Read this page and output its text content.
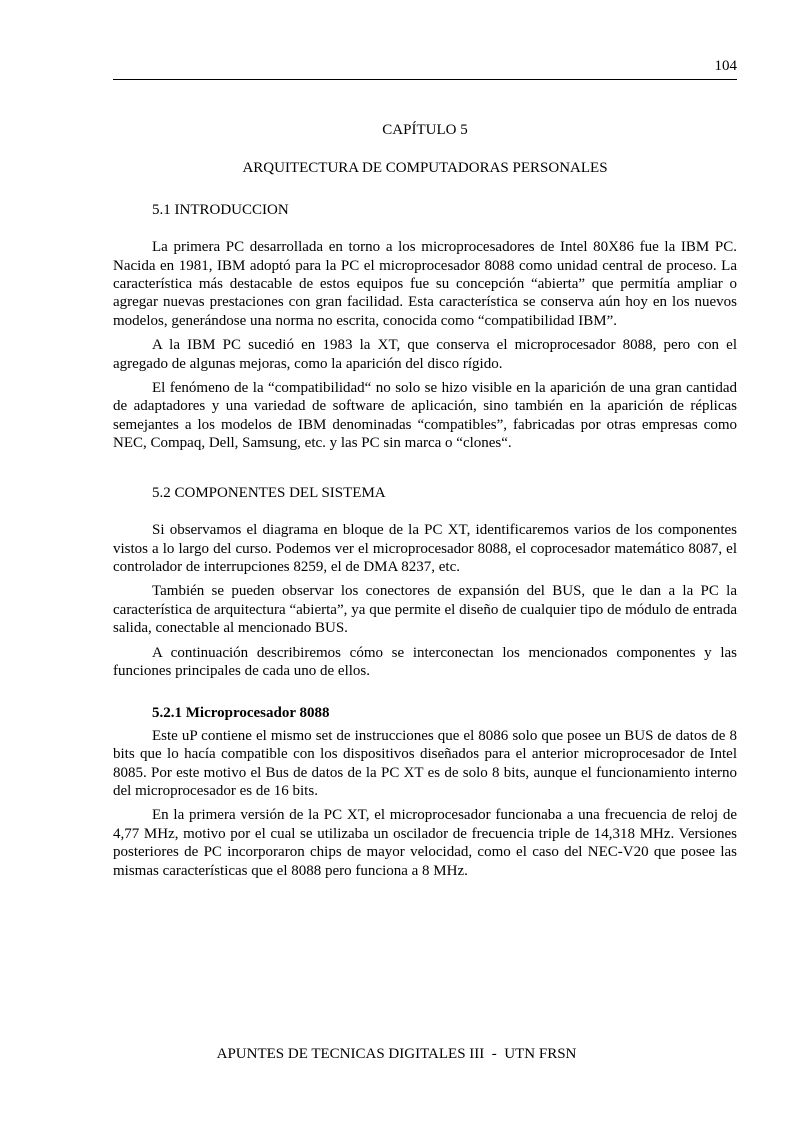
104

CAPÍTULO 5

ARQUITECTURA DE COMPUTADORAS PERSONALES

5.1 INTRODUCCION

La primera PC desarrollada en torno a los microprocesadores de Intel 80X86 fue la IBM PC. Nacida en 1981, IBM adoptó para la PC el microprocesador 8088 como unidad central de proceso. La característica más destacable de estos equipos fue su concepción “abierta” que permitía ampliar o agregar nuevas prestaciones con gran facilidad. Esta característica se conserva aún hoy en los nuevos modelos, generándose una norma no escrita, conocida como “compatibilidad IBM”.

A la IBM PC sucedió en 1983 la XT, que conserva el microprocesador 8088, pero con el agregado de algunas mejoras, como la aparición del disco rígido.

El fenómeno de la “compatibilidad“ no solo se hizo visible en la aparición de una gran cantidad de adaptadores y una variedad de software de aplicación, sino también en la aparición de réplicas semejantes a los modelos de IBM denominadas “compatibles”, fabricadas por otras empresas como NEC, Compaq, Dell, Samsung, etc. y las PC sin marca o “clones“.

5.2 COMPONENTES DEL SISTEMA

Si observamos el diagrama en bloque de la PC XT, identificaremos varios de los componentes vistos a lo largo del curso. Podemos ver el microprocesador 8088, el coprocesador matemático 8087, el controlador de interrupciones 8259, el de DMA 8237, etc.

También se pueden observar los conectores de expansión del BUS, que le dan a la PC la característica de arquitectura “abierta”, ya que permite el diseño de cualquier tipo de módulo de entrada salida, conectable al mencionado BUS.

A continuación describiremos cómo se interconectan los mencionados componentes y las funciones principales de cada uno de ellos.

5.2.1 Microprocesador 8088

Este uP contiene el mismo set de instrucciones que el 8086 solo que posee un BUS de datos de 8 bits que lo hacía compatible con los dispositivos diseñados para el anterior microprocesador de Intel 8085. Por este motivo el Bus de datos de la PC XT es de solo 8 bits, aunque el funcionamiento interno del microprocesador es de 16 bits.

En la primera versión de la PC XT, el microprocesador funcionaba a una frecuencia de reloj de 4,77 MHz, motivo por el cual se utilizaba un oscilador de frecuencia triple de 14,318 MHz. Versiones posteriores de PC incorporaron chips de mayor velocidad, como el caso del NEC-V20 que posee las mismas características que el 8088 pero funciona a 8 MHz.

APUNTES DE TECNICAS DIGITALES III  -  UTN FRSN
